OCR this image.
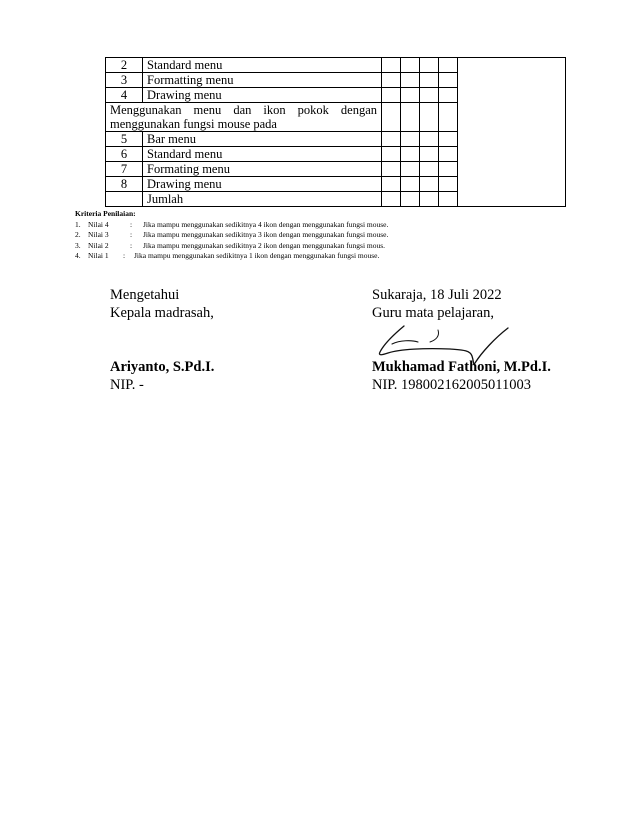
2	Standard menu					
3	Formatting menu					
4	Drawing menu					
Menggunakan menu dan ikon pokok dengan
menggunakan fungsi mouse pada						

5	Bar menu					
6	Standard menu					
7	Formating menu					
8	Drawing menu					
	Jumlah					
Kriteria Penilaian:
1. Nilai 4	: Jika mampu menggunakan sedikitnya 4 ikon dengan menggunakan fungsi mouse.
2. Nilai 3	: Jika mampu menggunakan sedikitnya 3 ikon dengan menggunakan fungsi mouse.
3. Nilai 2	: Jika mampu menggunakan sedikitnya 2 ikon dengan menggunakan fungsi mous.
4. Nilai 1 : Jika mampu menggunakan sedikitnya 1 ikon dengan menggunakan fungsi mouse.
Mengetahui
Kepala madrasah,
Ariyanto, S.Pd.I.
NIP. -
Sukaraja, 18 Juli 2022
Guru mata pelajaran,
Mukhamad Fathoni, M.Pd.I.
NIP. 198002162005011003
